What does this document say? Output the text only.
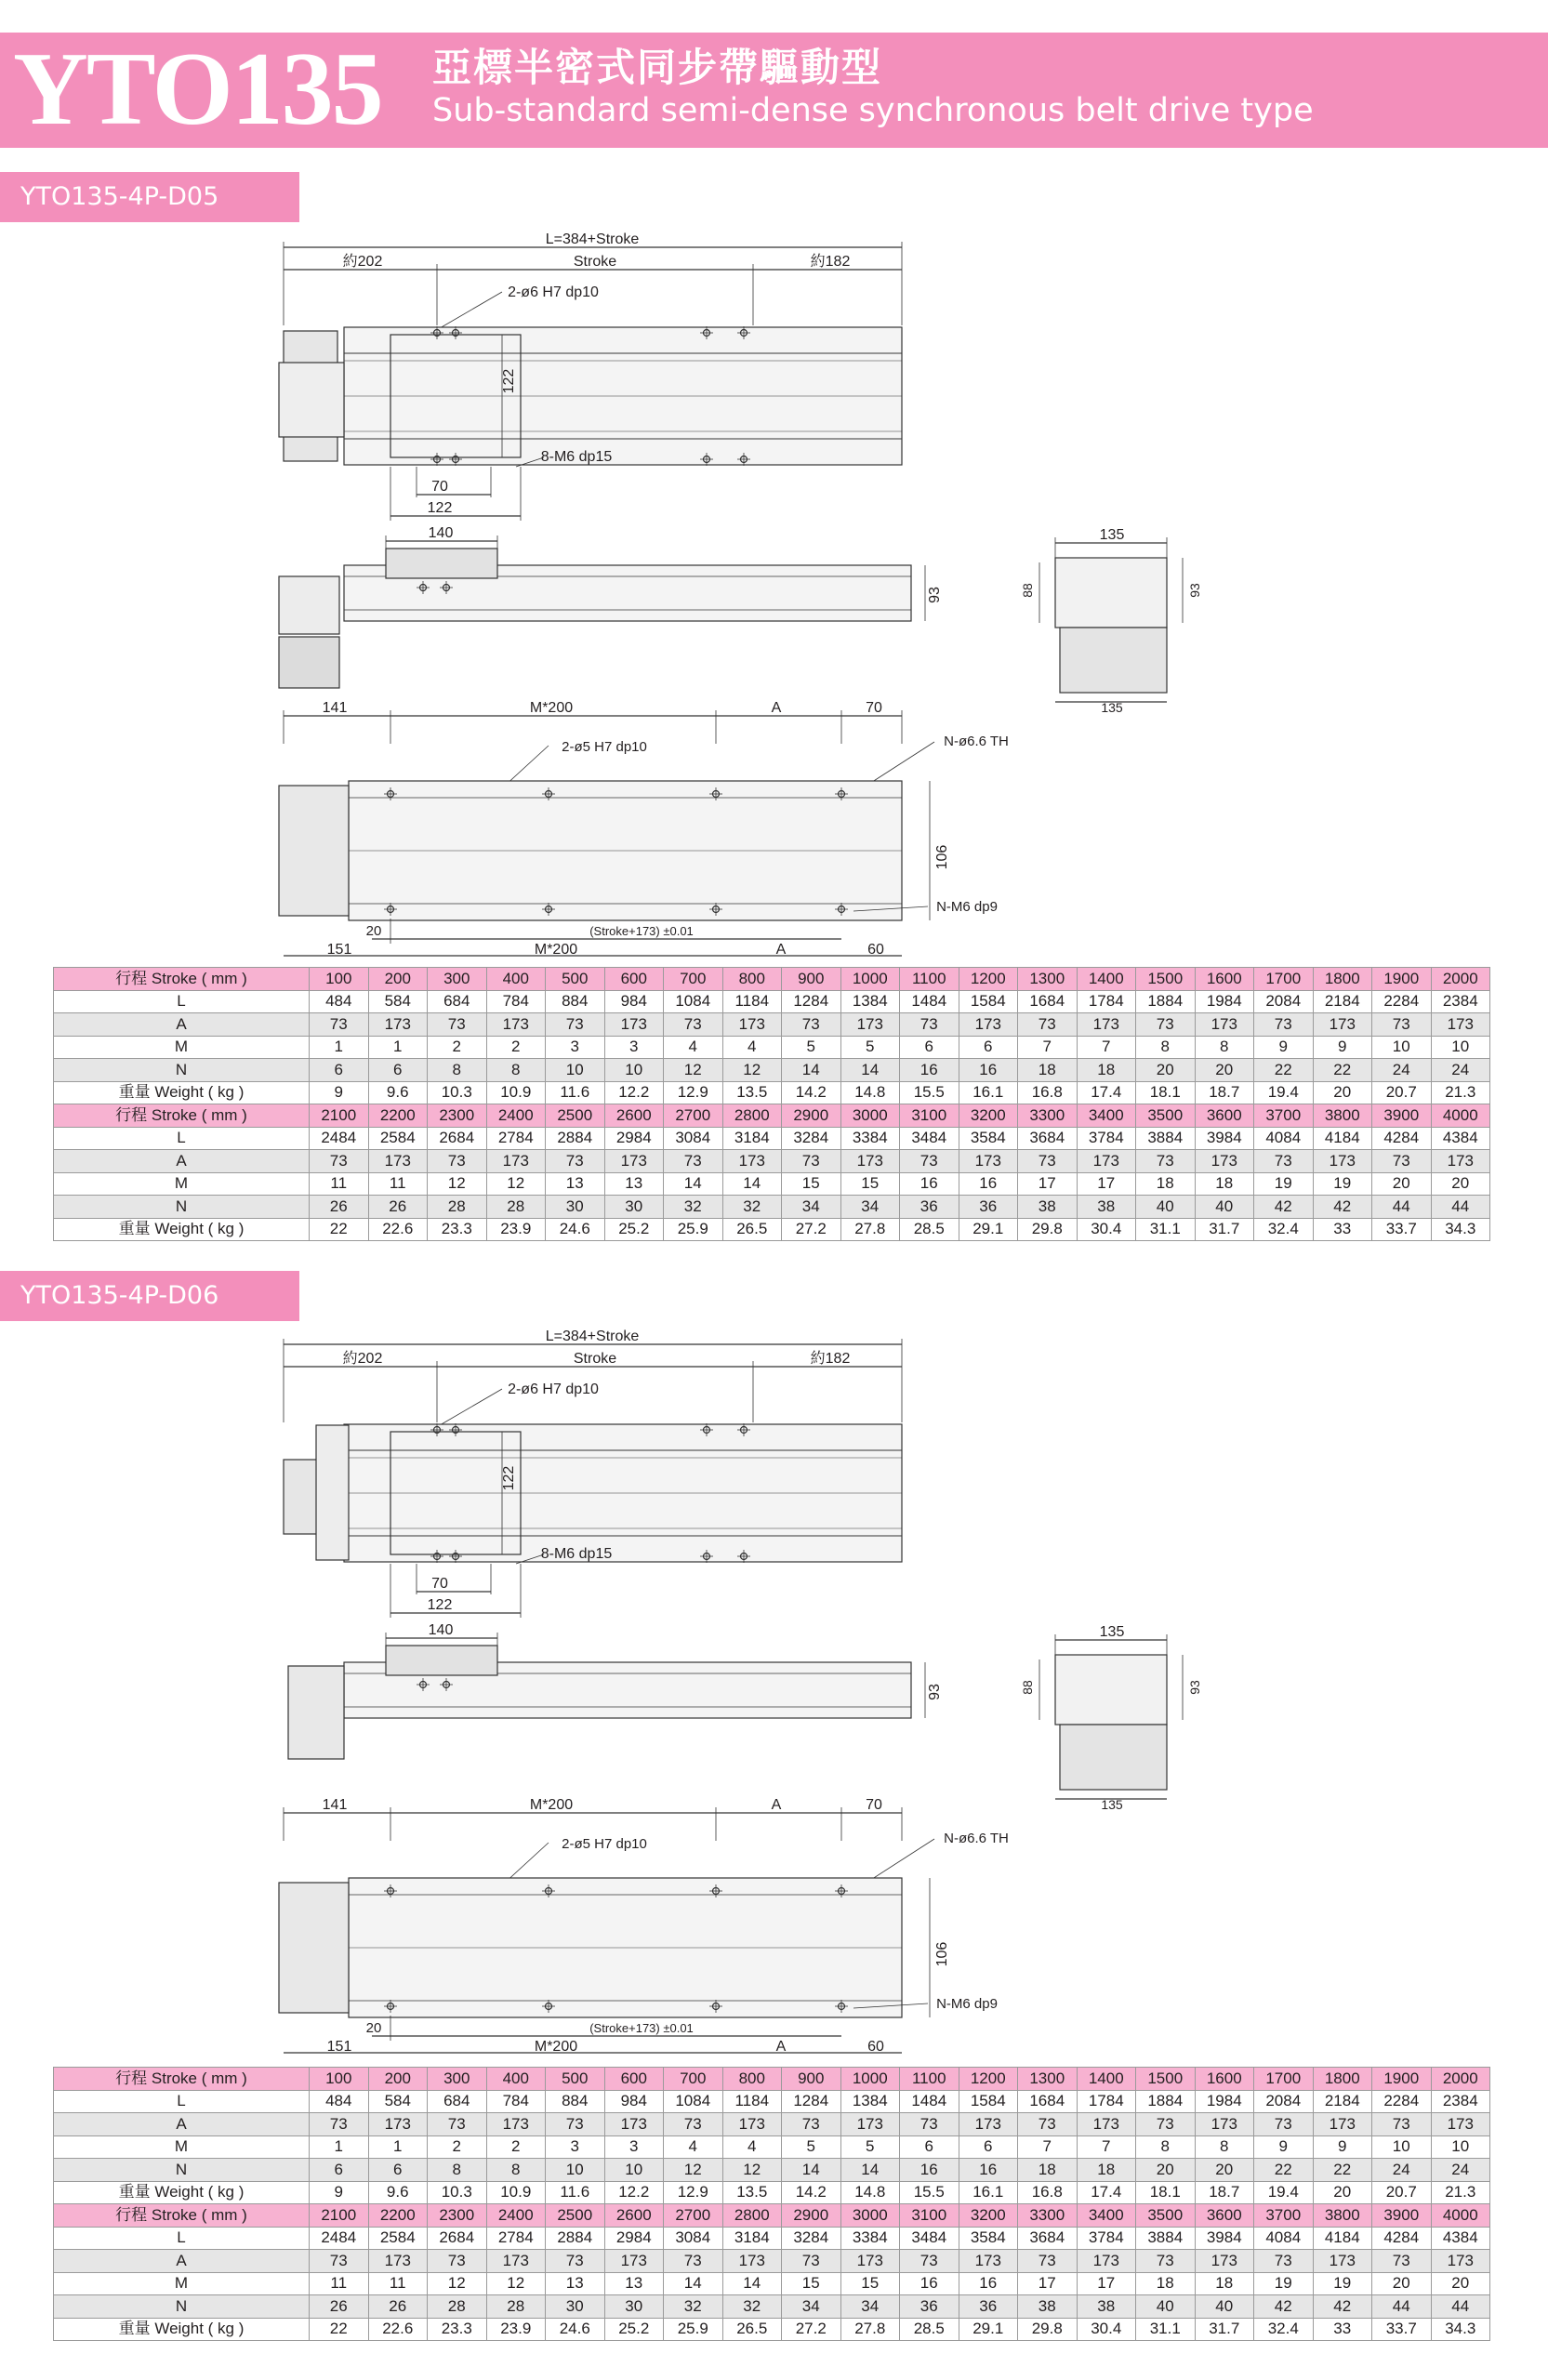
YTO135 亞標半密式同步帶驅動型
Sub-standard semi-dense synchronous belt drive type
YTO135-4P-D05
L=384+Stroke
約202	Stroke	約182
2-ø6 H7 dp10
122
70
122
8-M6 dp15
140
93
135
88	93
135
141	M*200	A	70
2-ø5 H7 dp10	N-ø6.6 TH
106
20	(Stroke+173) ±0.01
N-M6 dp9
151	M*200	A	60
行程 Stroke ( mm )	100	200	300	400	500	600	700	800	900	1000	1100	1200	1300	1400	1500	1600	1700	1800	1900	2000
L	484	584	684	784	884	984	1084	1184	1284	1384	1484	1584	1684	1784	1884	1984	2084	2184	2284	2384
A	73	173	73	173	73	173	73	173	73	173	73	173	73	173	73	173	73	173	73	173
M	1	1	2	2	3	3	4	4	5	5	6	6	7	7	8	8	9	9	10	10
N	6	6	8	8	10	10	12	12	14	14	16	16	18	18	20	20	22	22	24	24
重量 Weight ( kg )	9	9.6	10.3	10.9	11.6	12.2	12.9	13.5	14.2	14.8	15.5	16.1	16.8	17.4	18.1	18.7	19.4	20	20.7	21.3
行程 Stroke ( mm )	2100	2200	2300	2400	2500	2600	2700	2800	2900	3000	3100	3200	3300	3400	3500	3600	3700	3800	3900	4000
L	2484	2584	2684	2784	2884	2984	3084	3184	3284	3384	3484	3584	3684	3784	3884	3984	4084	4184	4284	4384
A	73	173	73	173	73	173	73	173	73	173	73	173	73	173	73	173	73	173	73	173
M	11	11	12	12	13	13	14	14	15	15	16	16	17	17	18	18	19	19	20	20
N	26	26	28	28	30	30	32	32	34	34	36	36	38	38	40	40	42	42	44	44
重量 Weight ( kg )	22	22.6	23.3	23.9	24.6	25.2	25.9	26.5	27.2	27.8	28.5	29.1	29.8	30.4	31.1	31.7	32.4	33	33.7	34.3
YTO135-4P-D06
L=384+Stroke
約202	Stroke	約182
2-ø6 H7 dp10
122
70
122
8-M6 dp15
140
93
135
88	93
135
141	M*200	A	70
2-ø5 H7 dp10	N-ø6.6 TH
106
20	(Stroke+173) ±0.01
N-M6 dp9
151	M*200	A	60
行程 Stroke ( mm )	100	200	300	400	500	600	700	800	900	1000	1100	1200	1300	1400	1500	1600	1700	1800	1900	2000
L	484	584	684	784	884	984	1084	1184	1284	1384	1484	1584	1684	1784	1884	1984	2084	2184	2284	2384
A	73	173	73	173	73	173	73	173	73	173	73	173	73	173	73	173	73	173	73	173
M	1	1	2	2	3	3	4	4	5	5	6	6	7	7	8	8	9	9	10	10
N	6	6	8	8	10	10	12	12	14	14	16	16	18	18	20	20	22	22	24	24
重量 Weight ( kg )	9	9.6	10.3	10.9	11.6	12.2	12.9	13.5	14.2	14.8	15.5	16.1	16.8	17.4	18.1	18.7	19.4	20	20.7	21.3
行程 Stroke ( mm )	2100	2200	2300	2400	2500	2600	2700	2800	2900	3000	3100	3200	3300	3400	3500	3600	3700	3800	3900	4000
L	2484	2584	2684	2784	2884	2984	3084	3184	3284	3384	3484	3584	3684	3784	3884	3984	4084	4184	4284	4384
A	73	173	73	173	73	173	73	173	73	173	73	173	73	173	73	173	73	173	73	173
M	11	11	12	12	13	13	14	14	15	15	16	16	17	17	18	18	19	19	20	20
N	26	26	28	28	30	30	32	32	34	34	36	36	38	38	40	40	42	42	44	44
重量 Weight ( kg )	22	22.6	23.3	23.9	24.6	25.2	25.9	26.5	27.2	27.8	28.5	29.1	29.8	30.4	31.1	31.7	32.4	33	33.7	34.3
